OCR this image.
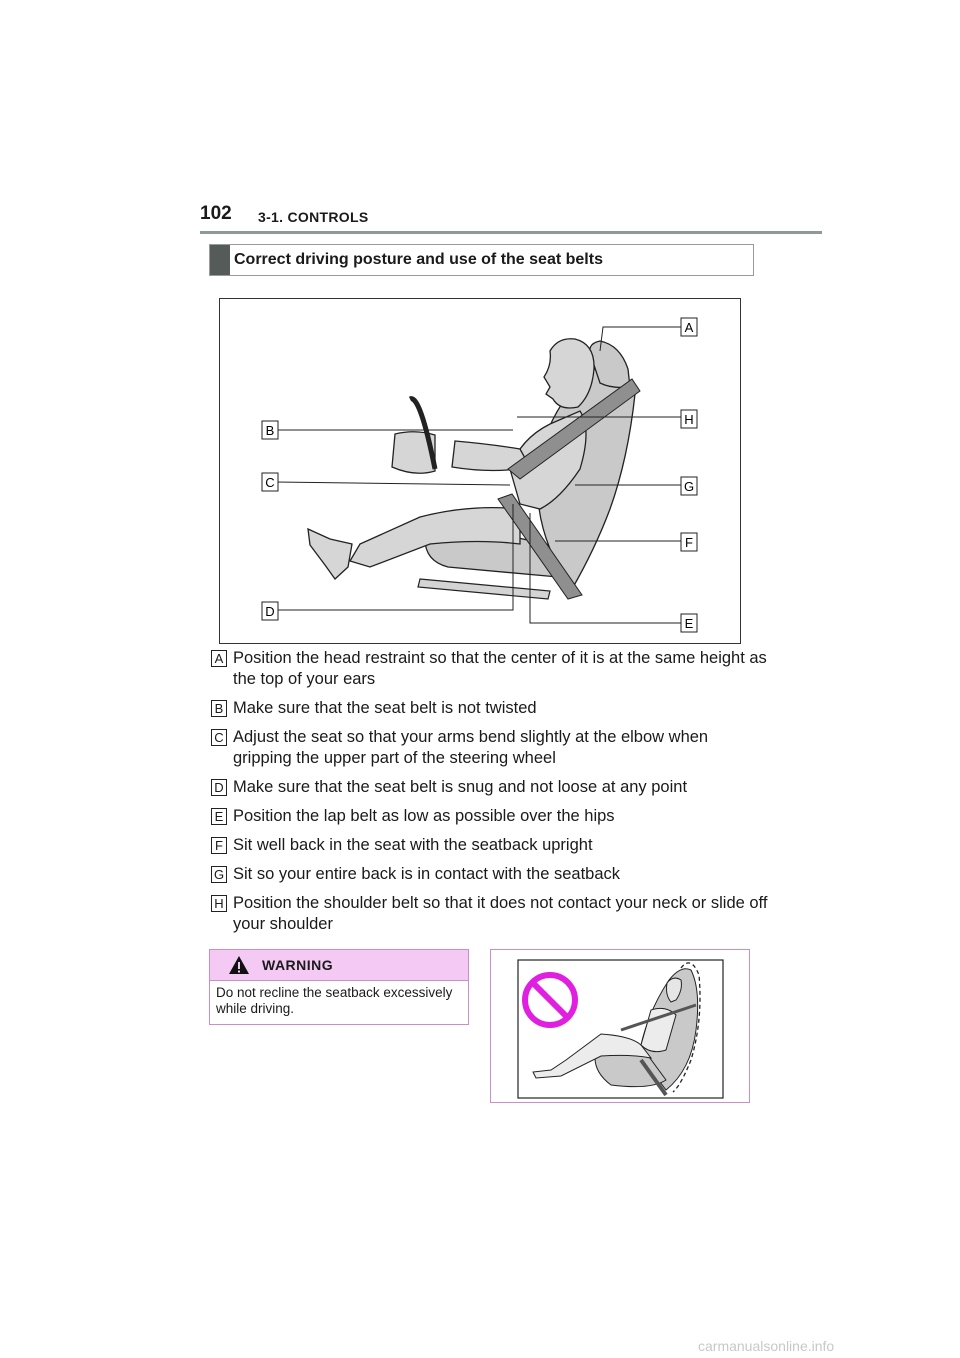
102 3-1. CONTROLS
Correct driving posture and use of the seat belts
A
B
H
C	G
F
D
E
A Position the head restraint so that the center of it is at the same height as the top of your ears
B Make sure that the seat belt is not twisted
C Adjust the seat so that your arms bend slightly at the elbow when gripping the upper part of the steering wheel
D Make sure that the seat belt is snug and not loose at any point
E Position the lap belt as low as possible over the hips
F Sit well back in the seat with the seatback upright
G Sit so your entire back is in contact with the seatback
H Position the shoulder belt so that it does not contact your neck or slide off your shoulder
WARNING
Do not recline the seatback excessively while driving.
carmanualsonline.info
